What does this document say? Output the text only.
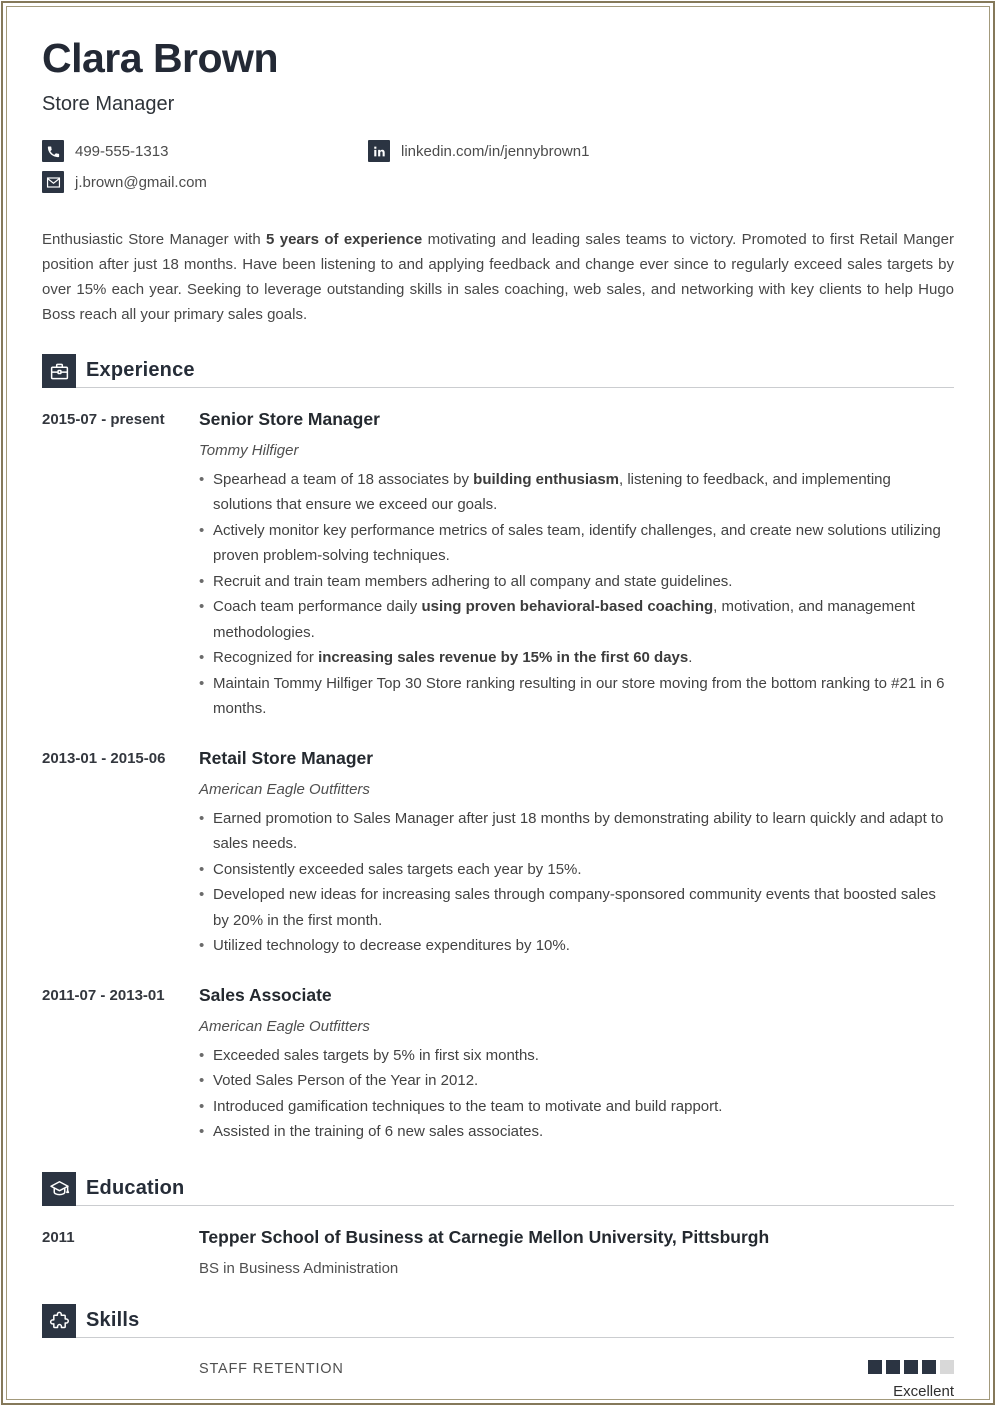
Clara Brown
Store Manager
499-555-1313	linkedin.com/in/jennybrown1
j.brown@gmail.com

Enthusiastic Store Manager with 5 years of experience motivating and leading sales teams to victory. Promoted to first Retail Manger position after just 18 months. Have been listening to and applying feedback and change ever since to regularly exceed sales targets by over 15% each year. Seeking to leverage outstanding skills in sales coaching, web sales, and networking with key clients to help Hugo Boss reach all your primary sales goals.

Experience
2015-07 - present	Senior Store Manager
Tommy Hilfiger
• Spearhead a team of 18 associates by building enthusiasm, listening to feedback, and implementing solutions that ensure we exceed our goals.
• Actively monitor key performance metrics of sales team, identify challenges, and create new solutions utilizing proven problem-solving techniques.
• Recruit and train team members adhering to all company and state guidelines.
• Coach team performance daily using proven behavioral-based coaching, motivation, and management methodologies.
• Recognized for increasing sales revenue by 15% in the first 60 days.
• Maintain Tommy Hilfiger Top 30 Store ranking resulting in our store moving from the bottom ranking to #21 in 6 months.
2013-01 - 2015-06	Retail Store Manager
American Eagle Outfitters
• Earned promotion to Sales Manager after just 18 months by demonstrating ability to learn quickly and adapt to sales needs.
• Consistently exceeded sales targets each year by 15%.
• Developed new ideas for increasing sales through company-sponsored community events that boosted sales by 20% in the first month.
• Utilized technology to decrease expenditures by 10%.
2011-07 - 2013-01	Sales Associate
American Eagle Outfitters
• Exceeded sales targets by 5% in first six months.
• Voted Sales Person of the Year in 2012.
• Introduced gamification techniques to the team to motivate and build rapport.
• Assisted in the training of 6 new sales associates.
Education
2011	Tepper School of Business at Carnegie Mellon University, Pittsburgh
BS in Business Administration
Skills
STAFF RETENTION
Excellent
